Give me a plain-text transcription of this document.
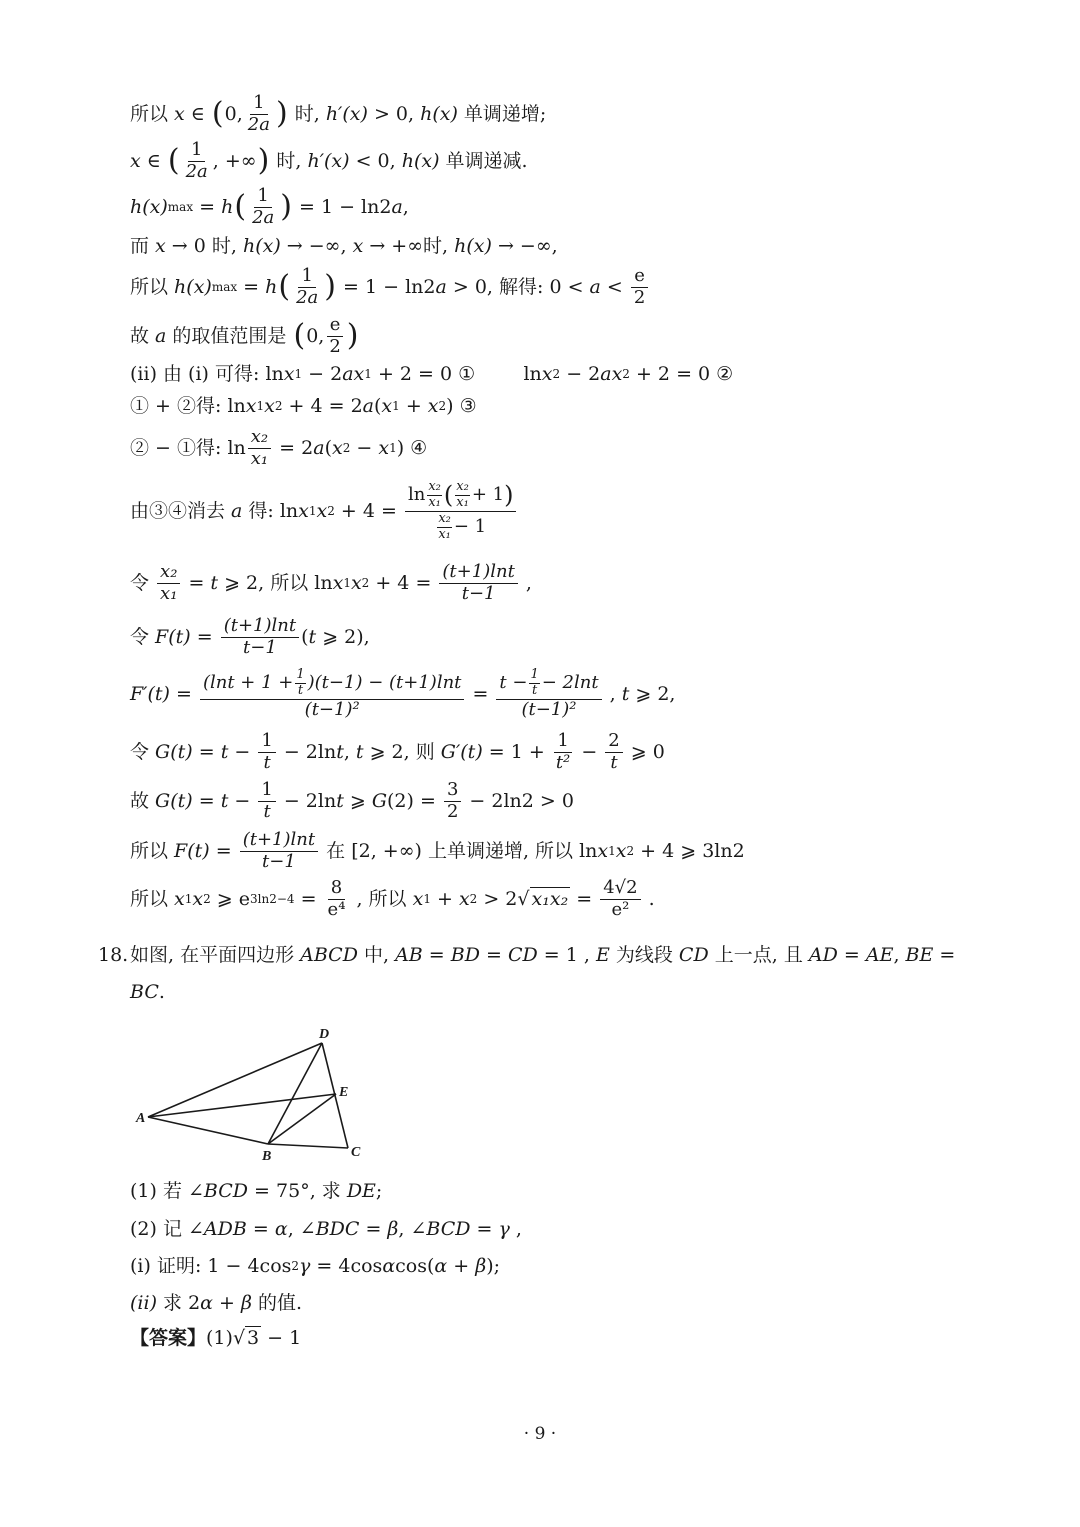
所以 x ∈ ( 0, $\frac{1}{2a}$ ) 时, h′(x) > 0, h(x) 单调递增;
x ∈ ( $\frac{1}{2a}$ , +∞ ) 时, h′(x) < 0, h(x) 单调递减.
h(x) max = h ( $\frac{1}{2a}$ ) = 1 − ln2 a ,
而 x → 0 时, h(x) → −∞, x → +∞时, h(x) → −∞,
所以 h(x) max = h ( $\frac{1}{2a}$ ) = 1 − ln2 a > 0, 解得: $0 < a < \frac{e}{2}$
故 a 的取值范围是 ( 0, $\frac{e}{2}$ )
(ⅱ) 由 (ⅰ) 可得: ln x 1 − 2 ax 1 + 2 = 0 ①        ln x 2 − 2 ax 2 + 2 = 0 ②
① + ②得: ln x 1 x 2 + 4 = 2 a ( x 1 + x 2 ) ③
② − ①得: $\ln \frac{\text{x₂}}{\text{x₁}} = 2$ a ( x 2 − x 1 ) ④
由③④消去 a 得: ln x 1 x 2 + 4 =
$\ln \frac{\text{x₂}}{\text{x₁}}$ ( $\frac{\text{x₂}}{\text{x₁}} + 1$ )
$\frac{\text{x₂}}{\text{x₁}} - 1$
令 $\frac{\text{x₂}}{\text{x₁}} = t$ ⩾ 2, 所以 ln x 1 x $2 + 4 = \frac{(t+1)\ln t}{t-1}$ ,
令 $F(t) = \frac{(t+1)\ln t}{t-1}$ ( t ⩾ 2),
$F'(t) = \frac{(\ln t + 1 + \frac{1}{t} )(t-1) - (t+1)\ln t}{\text{(t−1)²}} = \frac{t - \frac{1}{t} - 2\ln t}{\text{(t−1)²}}$ , t ⩾ 2,
令 $G(t) = t - \frac{1}{t} - 2\ln$ t , t ⩾ 2, 则 $G'(t) = 1 + \frac{1}{\text{t²}} - \frac{2}{t}$ ⩾ 0
故 $G(t) = t - \frac{1}{t} - 2\ln$ t ⩾ G $(2) = \frac{3}{2} - 2\ln 2 > 0$
所以 $F(t) = \frac{(t+1)\ln t}{t-1}$ 在 [2, +∞) 上单调递增, 所以 ln x 1 x 2 + 4 ⩾ 3ln2
所以 x 1 x 2 ⩾ e $3\ln 2-4 = \frac{8}{\text{e⁴}}$ , 所以 x 1 + x 2 > 2 √ $x_1x_2 = \frac{4√2}{\text{e²}}$ .
18. 如图, 在平面四边形 ABCD 中, AB = BD = CD = 1 , E 为线段 CD 上一点, 且 AD = AE , BE =
BC .
A
B	C
D
E
(1) 若 ∠ BCD = 75°, 求 DE ;
(2) 记 ∠ ADB = α , ∠ BDC = β , ∠ BCD = γ ,
(ⅰ) 证明: 1 − 4cos 2 γ = 4cos α cos( α + β );
(ii) 求 2 α + β 的值.
【答案】 (1) √ 3 − 1
· 9 ·
